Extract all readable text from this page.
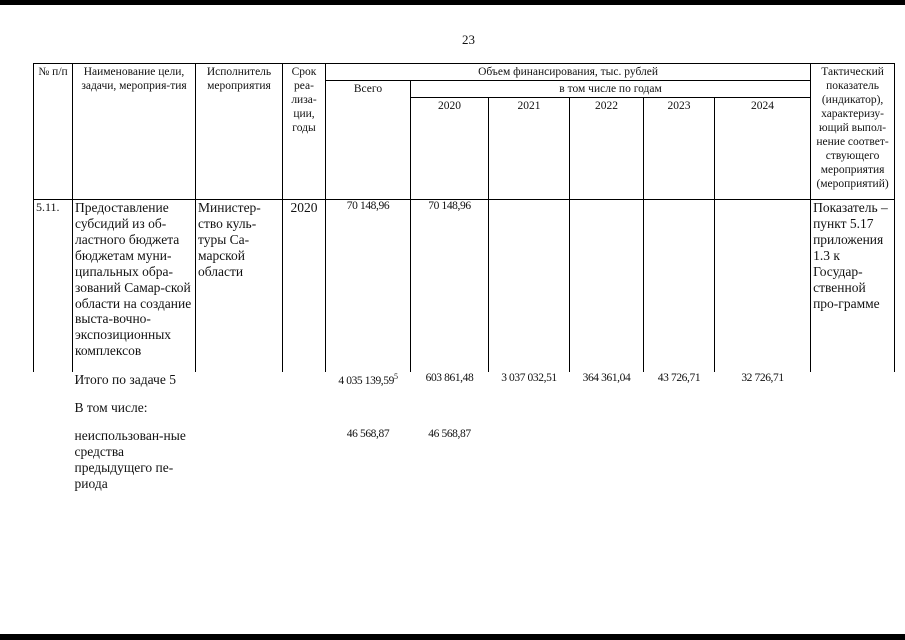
23
№ п/п	Наименование цели, задачи, мероприя-тия	Исполнитель мероприятия	Срок реа-лиза-ции, годы	Объем финансирования, тыс. рублей						Тактический показатель (индикатор), характеризу-ющий выпол-нение соответ-ствующего мероприятия (мероприятий)
				Всего	в том числе по годам					
					2020	2021	2022	2023	2024	
5.11.	Предоставление субсидий из об-ластного бюджета бюджетам муни-ципальных обра-зований Самар-ской области на создание выста-вочно-экспозиционных комплексов	Министер-ство куль-туры Са-марской области	2020	70 148,96	70 148,96					Показатель – пункт 5.17 приложения 1.3 к Государ-ственной про-грамме
	Итого по задаче 5			4 035 139,59$^5$	603 861,48	3 037 032,51	364 361,04	43 726,71	32 726,71	

	В том числе:									

	неиспользован-ные средства предыдущего пе-риода			46 568,87	46 568,87					
